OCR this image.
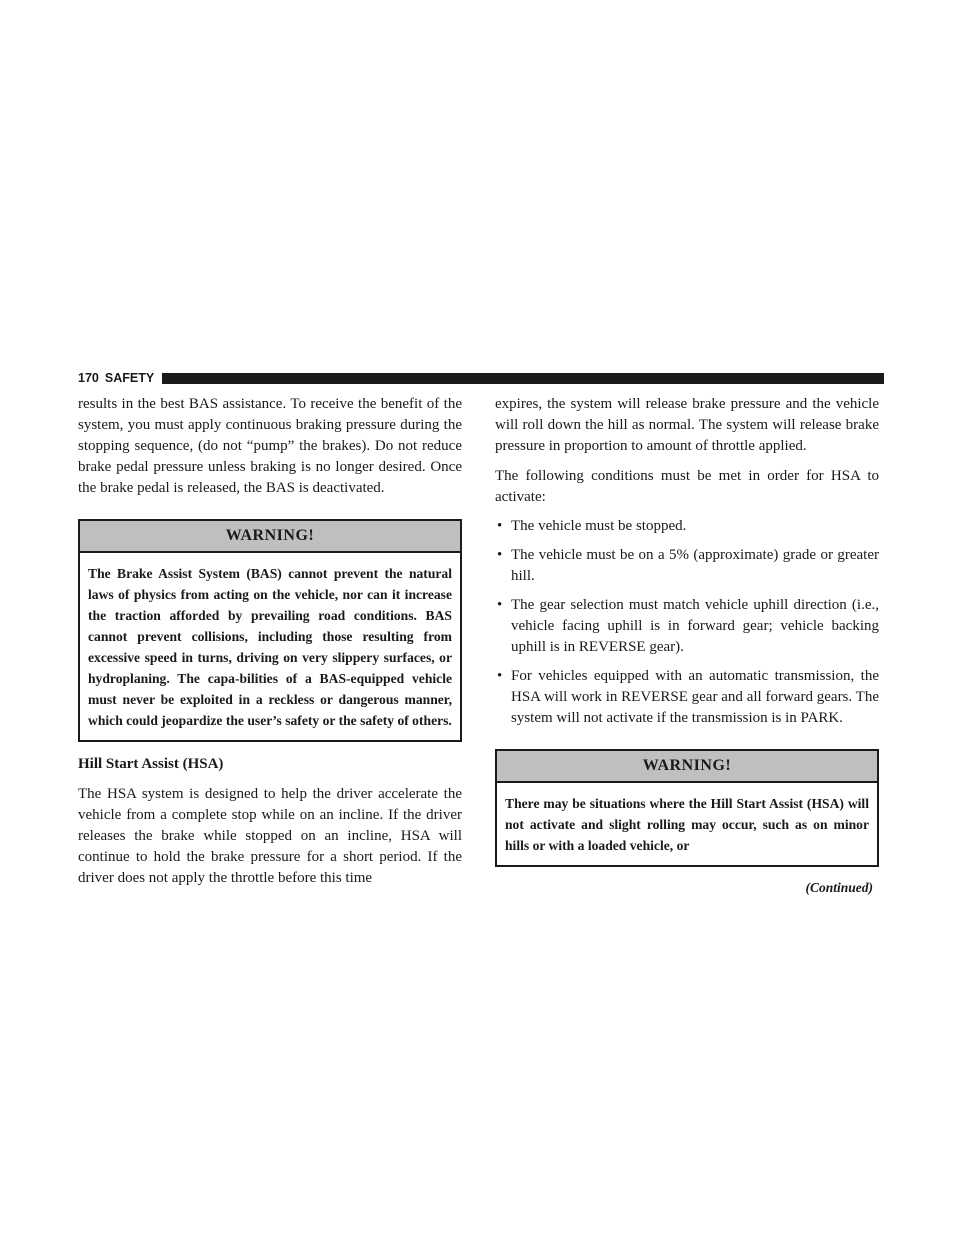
170 SAFETY

results in the best BAS assistance. To receive the benefit of the system, you must apply continuous braking pressure during the stopping sequence, (do not “pump” the brakes). Do not reduce brake pedal pressure unless braking is no longer desired. Once the brake pedal is released, the BAS is deactivated.

WARNING!
The Brake Assist System (BAS) cannot prevent the natural laws of physics from acting on the vehicle, nor can it increase the traction afforded by prevailing road conditions. BAS cannot prevent collisions, including those resulting from excessive speed in turns, driving on very slippery surfaces, or hydroplaning. The capa-bilities of a BAS-equipped vehicle must never be exploited in a reckless or dangerous manner, which could jeopardize the user’s safety or the safety of others.
Hill Start Assist (HSA)

The HSA system is designed to help the driver accelerate the vehicle from a complete stop while on an incline. If the driver releases the brake while stopped on an incline, HSA will continue to hold the brake pressure for a short period. If the driver does not apply the throttle before this time

expires, the system will release brake pressure and the vehicle will roll down the hill as normal. The system will release brake pressure in proportion to amount of throttle applied.

The following conditions must be met in order for HSA to activate:

• The vehicle must be stopped.
• The vehicle must be on a 5% (approximate) grade or greater hill.
• The gear selection must match vehicle uphill direction (i.e., vehicle facing uphill is in forward gear; vehicle backing uphill is in REVERSE gear).
• For vehicles equipped with an automatic transmission, the HSA will work in REVERSE gear and all forward gears. The system will not activate if the transmission is in PARK.
WARNING!
There may be situations where the Hill Start Assist (HSA) will not activate and slight rolling may occur, such as on minor hills or with a loaded vehicle, or
(Continued)
